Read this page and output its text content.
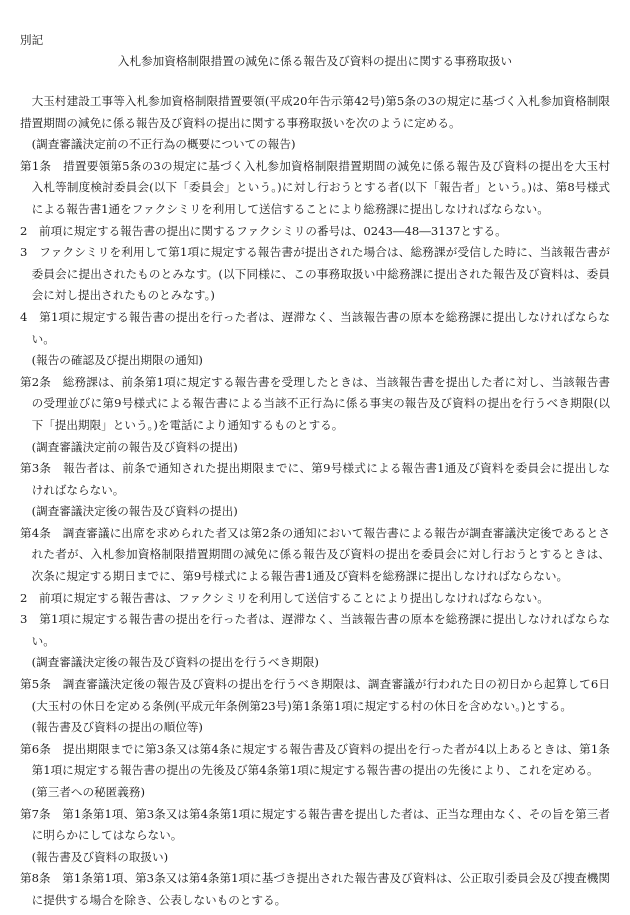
別記
入札参加資格制限措置の減免に係る報告及び資料の提出に関する事務取扱い

大玉村建設工事等入札参加資格制限措置要領(平成20年告示第42号)第5条の3の規定に基づく入札参加資格制限措置期間の減免に係る報告及び資料の提出に関する事務取扱いを次のように定める。

(調査審議決定前の不正行為の概要についての報告)

第1条　 措置要領第5条の3の規定に基づく入札参加資格制限措置期間の減免に係る報告及び資料の提出を大玉村入札等制度検討委員会(以下「委員会」という。)に対し行おうとする者(以下「報告者」という。)は、第8号様式による報告書1通をファクシミリを利用して送信することにより総務課に提出しなければならない。

2　 前項に規定する報告書の提出に関するファクシミリの番号は、0243―48―3137とする。

3　 ファクシミリを利用して第1項に規定する報告書が提出された場合は、総務課が受信した時に、当該報告書が委員会に提出されたものとみなす。(以下同様に、この事務取扱い中総務課に提出された報告及び資料は、委員会に対し提出されたものとみなす。)

4　 第1項に規定する報告書の提出を行った者は、遅滞なく、当該報告書の原本を総務課に提出しなければならない。

(報告の確認及び提出期限の通知)

第2条　 総務課は、前条第1項に規定する報告書を受理したときは、当該報告書を提出した者に対し、当該報告書の受理並びに第9号様式による報告書による当該不正行為に係る事実の報告及び資料の提出を行うべき期限(以下「提出期限」という。)を電話により通知するものとする。

(調査審議決定前の報告及び資料の提出)

第3条　 報告者は、前条で通知された提出期限までに、第9号様式による報告書1通及び資料を委員会に提出しなければならない。

(調査審議決定後の報告及び資料の提出)

第4条　 調査審議に出席を求められた者又は第2条の通知において報告書による報告が調査審議決定後であるとされた者が、入札参加資格制限措置期間の減免に係る報告及び資料の提出を委員会に対し行おうとするときは、次条に規定する期日までに、第9号様式による報告書1通及び資料を総務課に提出しなければならない。

2　 前項に規定する報告書は、ファクシミリを利用して送信することにより提出しなければならない。

3　 第1項に規定する報告書の提出を行った者は、遅滞なく、当該報告書の原本を総務課に提出しなければならない。

(調査審議決定後の報告及び資料の提出を行うべき期限)

第5条　 調査審議決定後の報告及び資料の提出を行うべき期限は、調査審議が行われた日の初日から起算して6日(大玉村の休日を定める条例(平成元年条例第23号)第1条第1項に規定する村の休日を含めない。)とする。

(報告書及び資料の提出の順位等)

第6条　 提出期限までに第3条又は第4条に規定する報告書及び資料の提出を行った者が4以上あるときは、第1条第1項に規定する報告書の提出の先後及び第4条第1項に規定する報告書の提出の先後により、これを定める。

(第三者への秘匿義務)

第7条　 第1条第1項、第3条又は第4条第1項に規定する報告書を提出した者は、正当な理由なく、その旨を第三者に明らかにしてはならない。

(報告書及び資料の取扱い)

第8条　 第1条第1項、第3条又は第4条第1項に基づき提出された報告書及び資料は、公正取引委員会及び捜査機関に提供する場合を除き、公表しないものとする。
